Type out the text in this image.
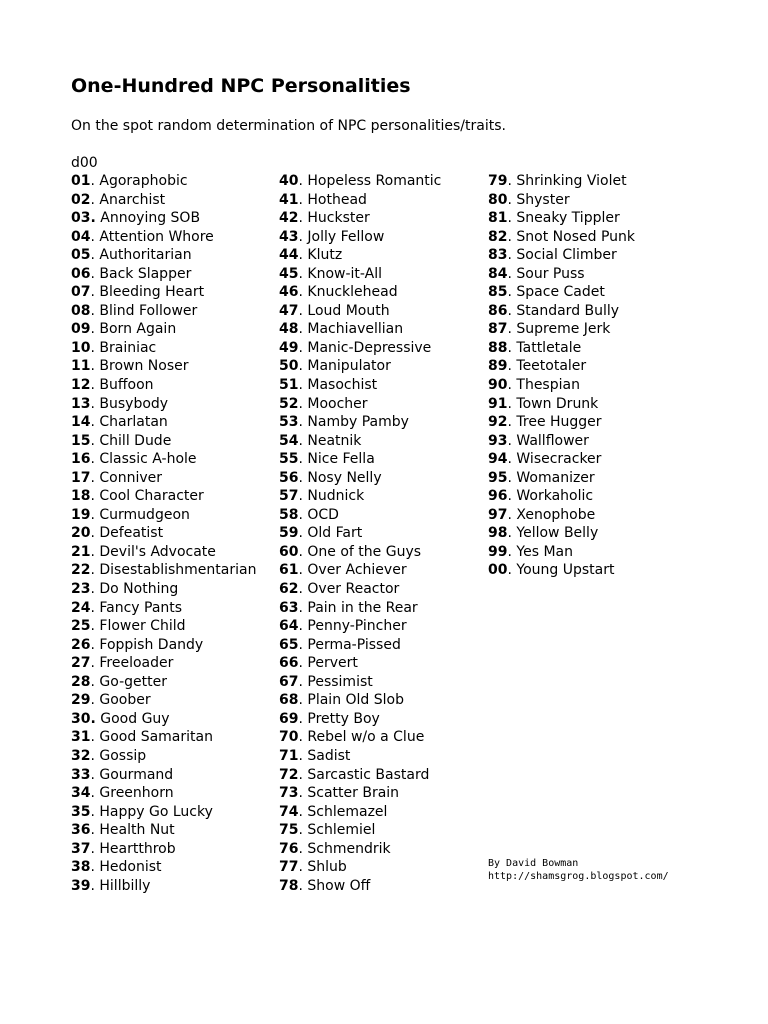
One-Hundred NPC Personalities

On the spot random determination of NPC personalities/traits.

d00

01. Agoraphobic
02. Anarchist
03. Annoying SOB
04. Attention Whore
05. Authoritarian
06. Back Slapper
07. Bleeding Heart
08. Blind Follower
09. Born Again
10. Brainiac
11. Brown Noser
12. Buffoon
13. Busybody
14. Charlatan
15. Chill Dude
16. Classic A-hole
17. Conniver
18. Cool Character
19. Curmudgeon
20. Defeatist
21. Devil's Advocate
22. Disestablishmentarian
23. Do Nothing
24. Fancy Pants
25. Flower Child
26. Foppish Dandy
27. Freeloader
28. Go-getter
29. Goober
30. Good Guy
31. Good Samaritan
32. Gossip
33. Gourmand
34. Greenhorn
35. Happy Go Lucky
36. Health Nut
37. Heartthrob
38. Hedonist
39. Hillbilly
40. Hopeless Romantic
41. Hothead
42. Huckster
43. Jolly Fellow
44. Klutz
45. Know-it-All
46. Knucklehead
47. Loud Mouth
48. Machiavellian
49. Manic-Depressive
50. Manipulator
51. Masochist
52. Moocher
53. Namby Pamby
54. Neatnik
55. Nice Fella
56. Nosy Nelly
57. Nudnick
58. OCD
59. Old Fart
60. One of the Guys
61. Over Achiever
62. Over Reactor
63. Pain in the Rear
64. Penny-Pincher
65. Perma-Pissed
66. Pervert
67. Pessimist
68. Plain Old Slob
69. Pretty Boy
70. Rebel w/o a Clue
71. Sadist
72. Sarcastic Bastard
73. Scatter Brain
74. Schlemazel
75. Schlemiel
76. Schmendrik
77. Shlub
78. Show Off
79. Shrinking Violet
80. Shyster
81. Sneaky Tippler
82. Snot Nosed Punk
83. Social Climber
84. Sour Puss
85. Space Cadet
86. Standard Bully
87. Supreme Jerk
88. Tattletale
89. Teetotaler
90. Thespian
91. Town Drunk
92. Tree Hugger
93. Wallflower
94. Wisecracker
95. Womanizer
96. Workaholic
97. Xenophobe
98. Yellow Belly
99. Yes Man
00. Young Upstart
By David Bowman
http://shamsgrog.blogspot.com/
